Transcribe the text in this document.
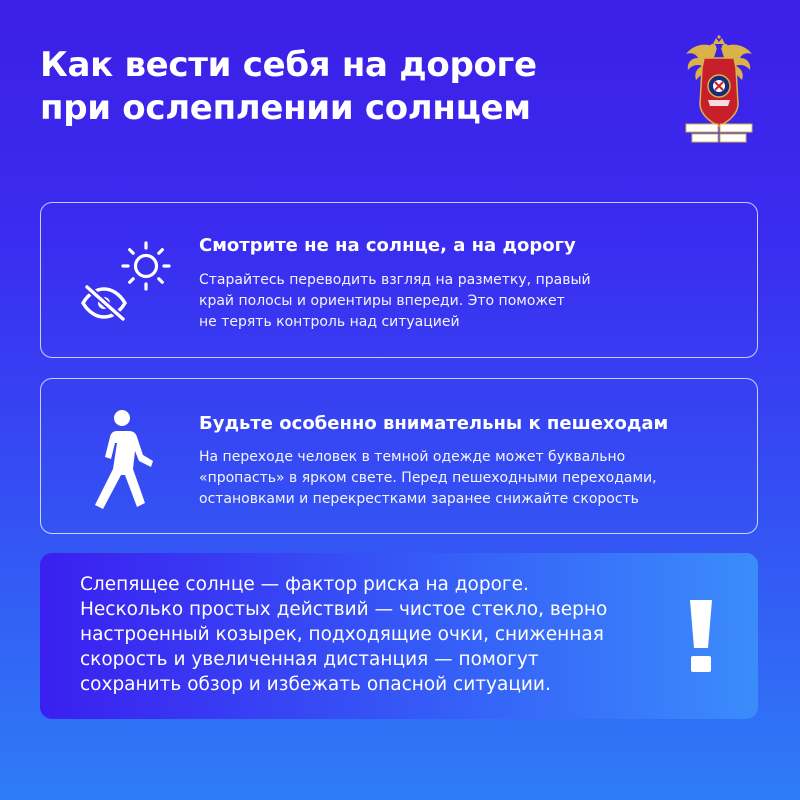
Как вести себя на дороге
при ослеплении солнцем
Смотрите не на солнце, а на дорогу
Старайтесь переводить взгляд на разметку, правый
край полосы и ориентиры впереди. Это поможет
не терять контроль над ситуацией
Будьте особенно внимательны к пешеходам
На переходе человек в темной одежде может буквально
«пропасть» в ярком свете. Перед пешеходными переходами,
остановками и перекрестками заранее снижайте скорость
Слепящее солнце — фактор риска на дороге.
Несколько простых действий — чистое стекло, верно
настроенный козырек, подходящие очки, сниженная
скорость и увеличенная дистанция — помогут
сохранить обзор и избежать опасной ситуации.
